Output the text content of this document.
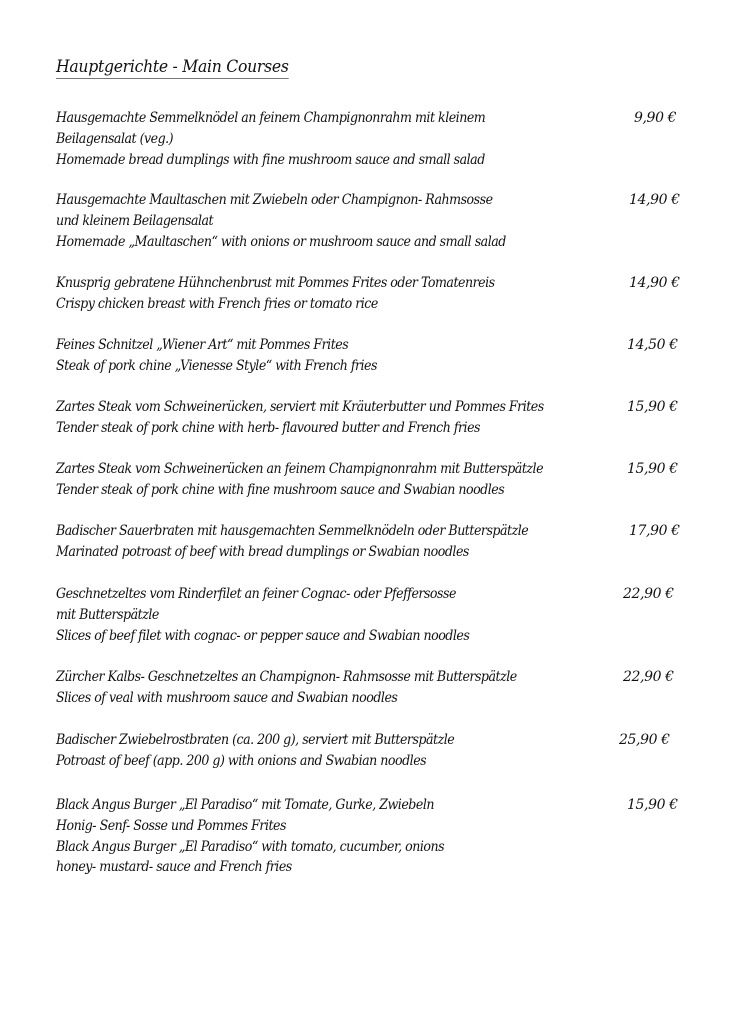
Hauptgerichte - Main Courses
Hausgemachte Semmelknödel an feinem Champignonrahm mit kleinem
Beilagensalat (veg.)
Homemade bread dumplings with fine mushroom sauce and small salad
9,90 €
Hausgemachte Maultaschen mit Zwiebeln oder Champignon- Rahmsosse
und kleinem Beilagensalat
Homemade „Maultaschen“ with onions or mushroom sauce and small salad
14,90 €
Knusprig gebratene Hühnchenbrust mit Pommes Frites oder Tomatenreis
Crispy chicken breast with French fries or tomato rice
14,90 €
Feines Schnitzel „Wiener Art“ mit Pommes Frites
Steak of pork chine „Vienesse Style“ with French fries
14,50 €
Zartes Steak vom Schweinerücken, serviert mit Kräuterbutter und Pommes Frites
Tender steak of pork chine with herb- flavoured butter and French fries
15,90 €
Zartes Steak vom Schweinerücken an feinem Champignonrahm mit Butterspätzle
Tender steak of pork chine with fine mushroom sauce and Swabian noodles
15,90 €
Badischer Sauerbraten mit hausgemachten Semmelknödeln oder Butterspätzle
Marinated potroast of beef with bread dumplings or Swabian noodles
17,90 €
Geschnetzeltes vom Rinderfilet an feiner Cognac- oder Pfeffersosse
mit Butterspätzle
Slices of beef filet with cognac- or pepper sauce and Swabian noodles
22,90 €
Zürcher Kalbs- Geschnetzeltes an Champignon- Rahmsosse mit Butterspätzle
Slices of veal with mushroom sauce and Swabian noodles
22,90 €
Badischer Zwiebelrostbraten (ca. 200 g), serviert mit Butterspätzle
Potroast of beef (app. 200 g) with onions and Swabian noodles
25,90 €
Black Angus Burger „El Paradiso“ mit Tomate, Gurke, Zwiebeln
Honig- Senf- Sosse und Pommes Frites
Black Angus Burger „El Paradiso“ with tomato, cucumber, onions
honey- mustard- sauce and French fries
15,90 €
